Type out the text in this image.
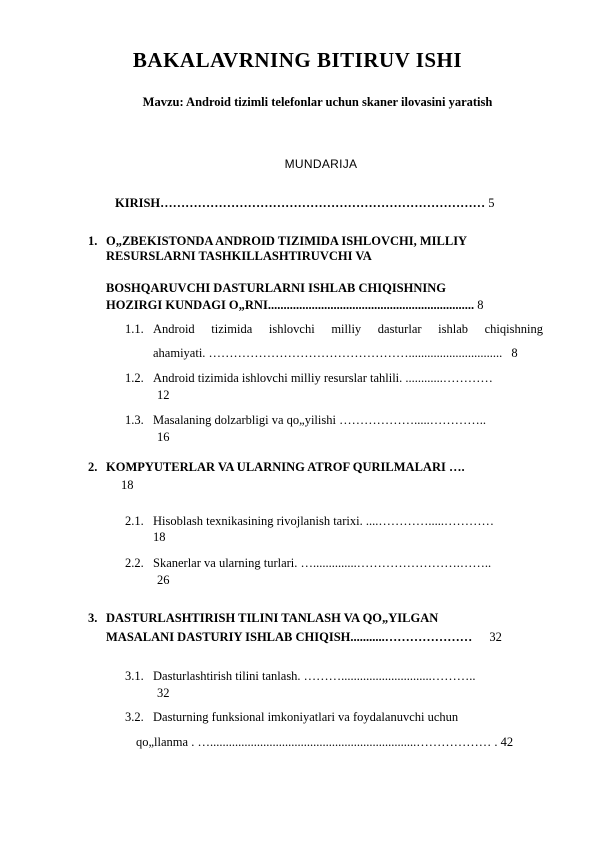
BAKALAVRNING BITIRUV ISHI
Mavzu: Android tizimli telefonlar uchun skaner ilovasini yaratish
MUNDARIJA
KIRISH…………………………………………………………………… 5
1. O„ZBEKISTONDA ANDROID TIZIMIDA ISHLOVCHI, MILLIY
RESURSLARNI TASHKILLASHTIRUVCHI VA
BOSHQARUVCHI DASTURLARNI ISHLAB CHIQISHNING
HOZIRGI KUNDAGI O„RNI.................................................................. 8
1.1. Android tizimida ishlovchi milliy dasturlar ishlab chiqishning
ahamiyati. ………………………………………….............................. 8
1.2. Android tizimida ishlovchi milliy resurslar tahlili. ............…………
12
1.3. Masalaning dolzarbligi va qo„yilishi ……………….....…………..
16
2. KOMPYUTERLAR VA ULARNING ATROF QURILMALARI ….
18
2.1. Hisoblash texnikasining rivojlanish tarixi. ....………….....…………
18
2.2. Skanerlar va ularning turlari. …..............…………………….……..
26
3. DASTURLASHTIRISH TILINI TANLASH VA QO„YILGAN
MASALANI DASTURIY ISHLAB CHIQISH...........………………… 32
3.1. Dasturlashtirish tilini tanlash. ……….............................………..
32
3.2. Dasturning funksional imkoniyatlari va foydalanuvchi uchun
qo„llanma . …..................................................................……………… . 42
